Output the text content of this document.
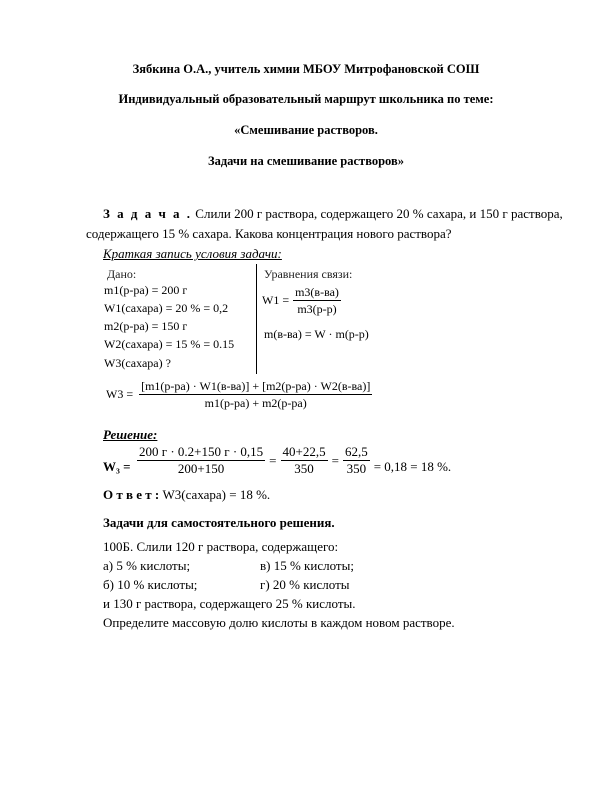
Зябкина О.А., учитель химии МБОУ Митрофановской СОШ
Индивидуальный образовательный маршрут школьника по теме:
«Смешивание растворов.
Задачи на смешивание растворов»
З а д а ч а . Слили 200 г раствора, содержащего 20 % сахара, и 150 г раствора,
содержащего 15 % сахара. Какова концентрация нового раствора?
Краткая запись условия задачи:
Дано:
m1(р-ра) = 200 г
W1(сахара) = 20 % = 0,2
m2(р-ра) = 150 г
W2(сахара) = 15 % = 0.15
W3(сахара) ?
Уравнения связи:
$W1 = \frac{m3(в-ва)}{m3(р-р)}$
m(в-ва) = W · m(р-р)
$W3 = \frac{[m1(р-ра) \cdot W1(в-ва)] + [m2(р-ра) \cdot W2(в-ва)]}{m1(р-ра) + m2(р-ра)}$
Решение:
$W_3 = \frac{200 г \cdot 0.2+150 г \cdot 0,15}{200+150} = \frac{40+22,5}{350} = \frac{62,5}{350} = 0,18 = 18$ %.
О т в е т : W3(сахара) = 18 %.
Задачи для самостоятельного решения.
100Б. Слили 120 г раствора, содержащего:
а) 5 % кислоты;	в) 15 % кислоты;
б) 10 % кислоты;	г) 20 % кислоты
и 130 г раствора, содержащего 25 % кислоты.
Определите массовую долю кислоты в каждом новом растворе.
